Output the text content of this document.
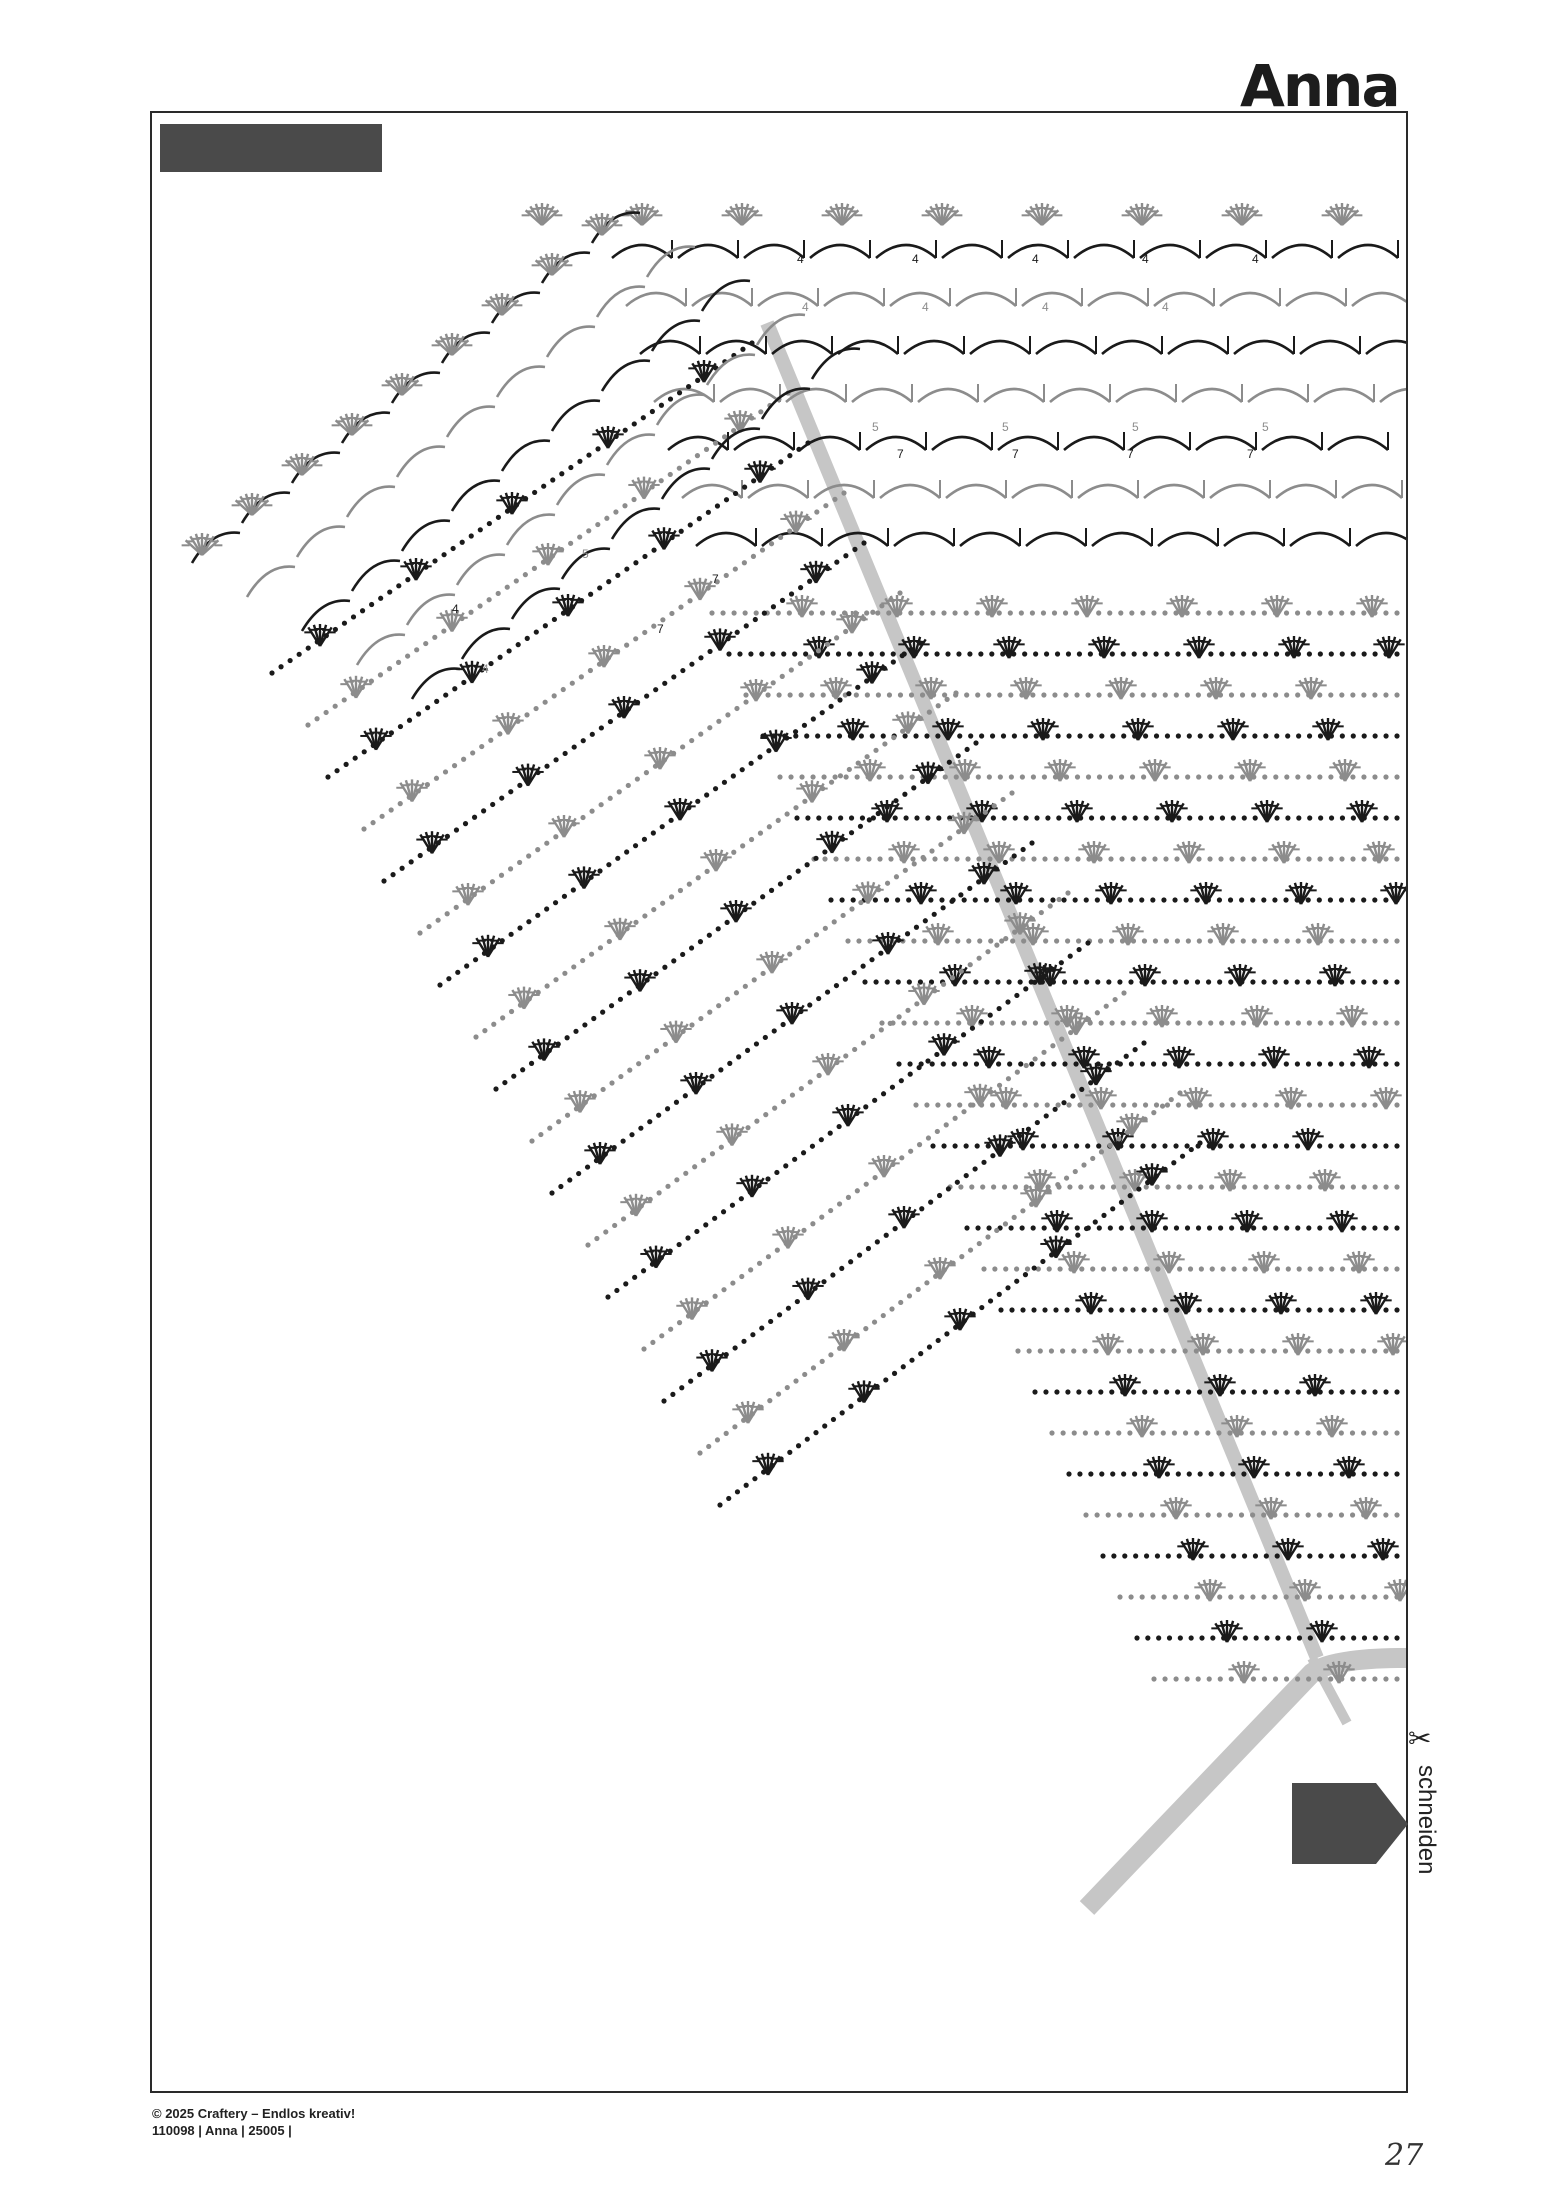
Anna
4	4	4	4	4
4	4	4	4
5	5	5	5
7	7	7	7
4
4
5
7
7
✂
schneiden
© 2025 Craftery – Endlos kreativ!
110098 | Anna | 25005 |
27
